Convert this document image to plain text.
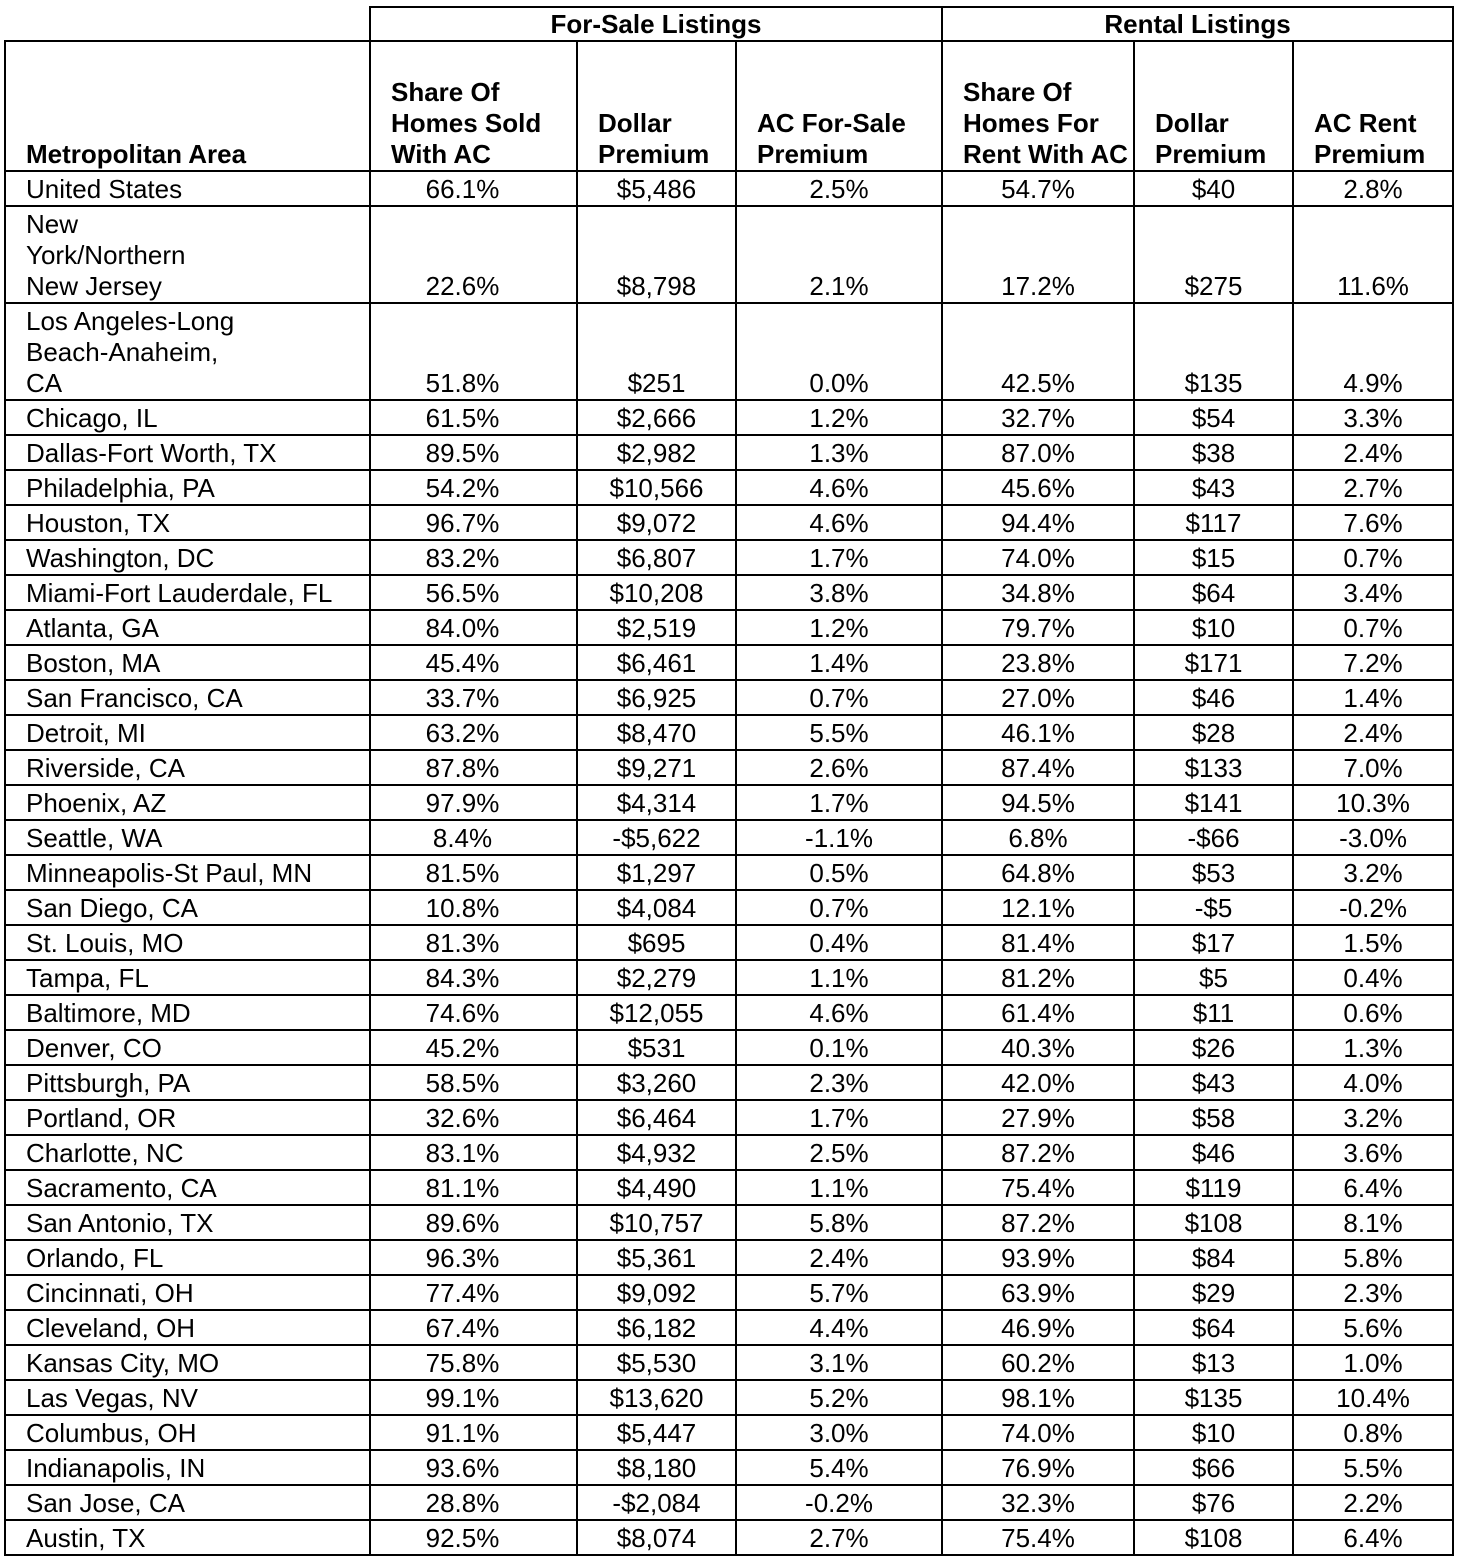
	For-Sale Listings			Rental Listings		
Metropolitan Area	Share Of Homes Sold With AC	Dollar Premium	AC For-Sale Premium	Share Of Homes For Rent With AC	Dollar Premium	AC Rent Premium
United States	66.1%	$5,486	2.5%	54.7%	$40	2.8%

New
York/Northern
New Jersey	22.6%	$8,798	2.1%	17.2%	$275	11.6%

Los Angeles-Long
Beach-Anaheim,
CA	51.8%	$251	0.0%	42.5%	$135	4.9%
Chicago, IL	61.5%	$2,666	1.2%	32.7%	$54	3.3%
Dallas-Fort Worth, TX	89.5%	$2,982	1.3%	87.0%	$38	2.4%
Philadelphia, PA	54.2%	$10,566	4.6%	45.6%	$43	2.7%
Houston, TX	96.7%	$9,072	4.6%	94.4%	$117	7.6%
Washington, DC	83.2%	$6,807	1.7%	74.0%	$15	0.7%
Miami-Fort Lauderdale, FL	56.5%	$10,208	3.8%	34.8%	$64	3.4%
Atlanta, GA	84.0%	$2,519	1.2%	79.7%	$10	0.7%
Boston, MA	45.4%	$6,461	1.4%	23.8%	$171	7.2%
San Francisco, CA	33.7%	$6,925	0.7%	27.0%	$46	1.4%
Detroit, MI	63.2%	$8,470	5.5%	46.1%	$28	2.4%
Riverside, CA	87.8%	$9,271	2.6%	87.4%	$133	7.0%
Phoenix, AZ	97.9%	$4,314	1.7%	94.5%	$141	10.3%
Seattle, WA	8.4%	-$5,622	-1.1%	6.8%	-$66	-3.0%
Minneapolis-St Paul, MN	81.5%	$1,297	0.5%	64.8%	$53	3.2%
San Diego, CA	10.8%	$4,084	0.7%	12.1%	-$5	-0.2%
St. Louis, MO	81.3%	$695	0.4%	81.4%	$17	1.5%
Tampa, FL	84.3%	$2,279	1.1%	81.2%	$5	0.4%
Baltimore, MD	74.6%	$12,055	4.6%	61.4%	$11	0.6%
Denver, CO	45.2%	$531	0.1%	40.3%	$26	1.3%
Pittsburgh, PA	58.5%	$3,260	2.3%	42.0%	$43	4.0%
Portland, OR	32.6%	$6,464	1.7%	27.9%	$58	3.2%
Charlotte, NC	83.1%	$4,932	2.5%	87.2%	$46	3.6%
Sacramento, CA	81.1%	$4,490	1.1%	75.4%	$119	6.4%
San Antonio, TX	89.6%	$10,757	5.8%	87.2%	$108	8.1%
Orlando, FL	96.3%	$5,361	2.4%	93.9%	$84	5.8%
Cincinnati, OH	77.4%	$9,092	5.7%	63.9%	$29	2.3%
Cleveland, OH	67.4%	$6,182	4.4%	46.9%	$64	5.6%
Kansas City, MO	75.8%	$5,530	3.1%	60.2%	$13	1.0%
Las Vegas, NV	99.1%	$13,620	5.2%	98.1%	$135	10.4%
Columbus, OH	91.1%	$5,447	3.0%	74.0%	$10	0.8%
Indianapolis, IN	93.6%	$8,180	5.4%	76.9%	$66	5.5%
San Jose, CA	28.8%	-$2,084	-0.2%	32.3%	$76	2.2%
Austin, TX	92.5%	$8,074	2.7%	75.4%	$108	6.4%
